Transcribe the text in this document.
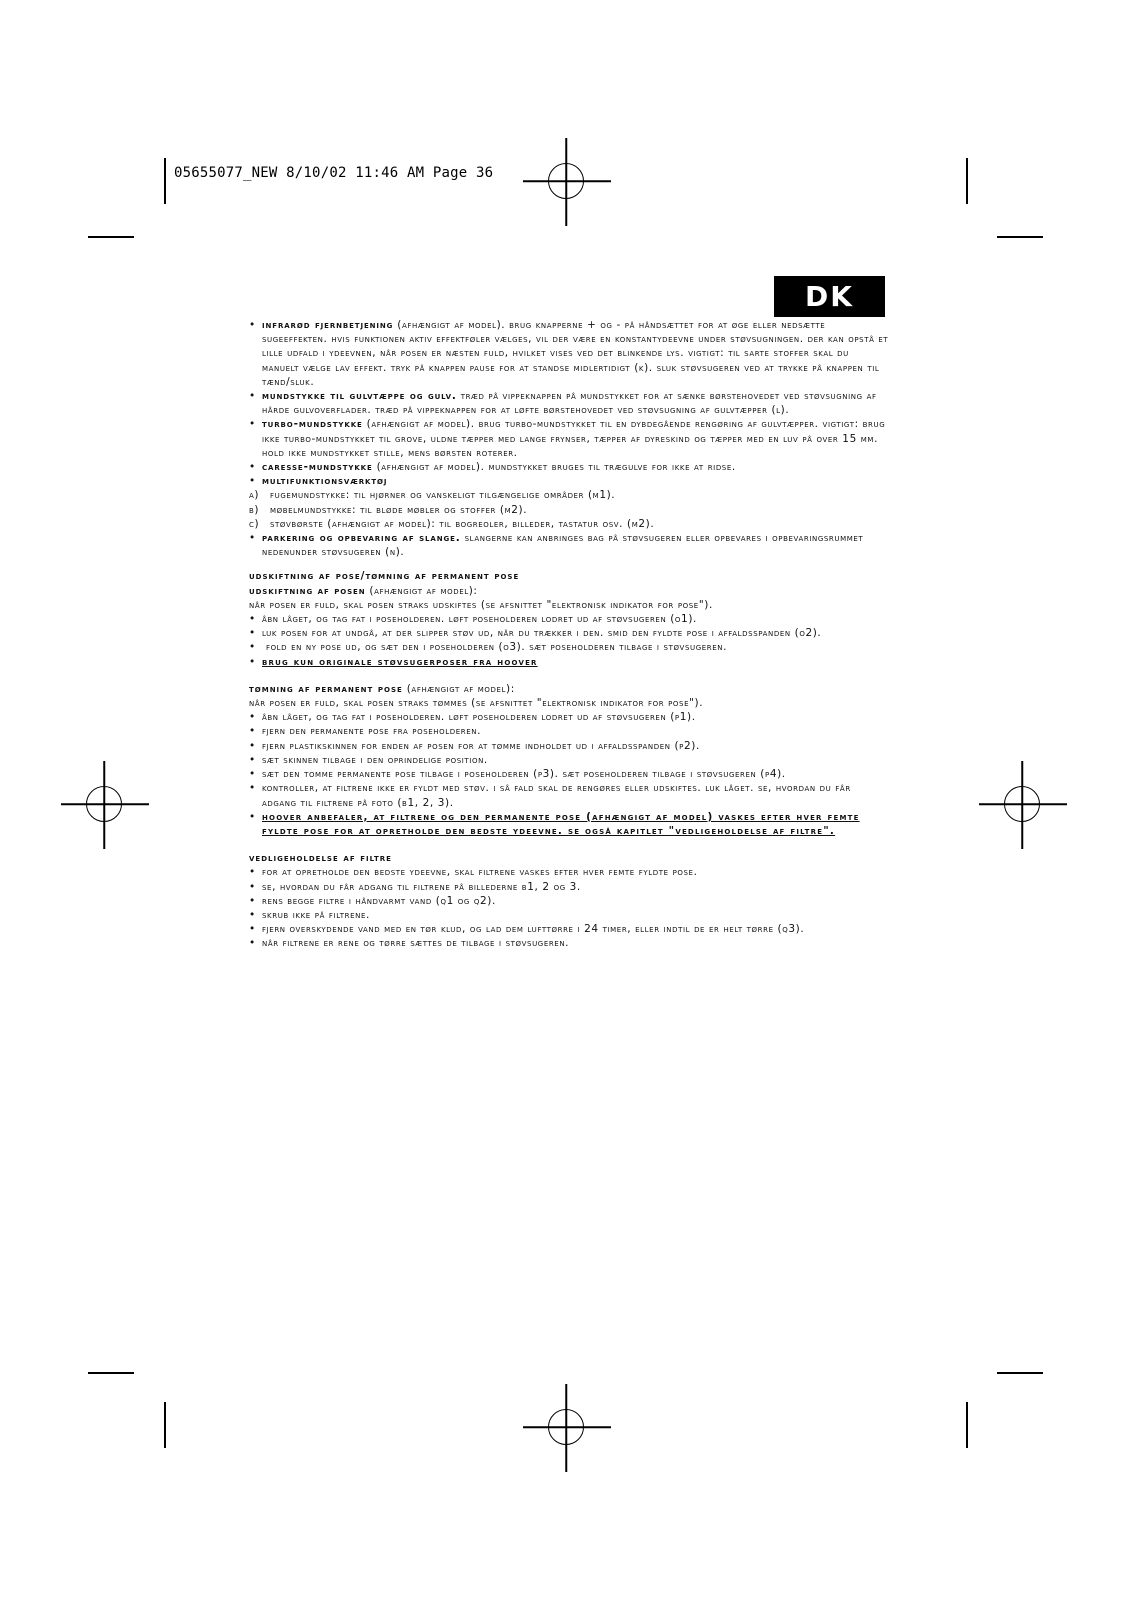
05655077_NEW 8/10/02 11:46 AM Page 36
DK

• infrarød fjernbetjening (afhængigt af model). brug knapperne + og - på håndsættet for at øge eller nedsætte sugeeffekten. hvis funktionen aktiv effektføler vælges, vil der være en konstantydeevne under støvsugningen. der kan opstå et lille udfald i ydeevnen, når posen er næsten fuld, hvilket vises ved det blinkende lys. vigtigt: til sarte stoffer skal du manuelt vælge lav effekt. tryk på knappen pause for at standse midlertidigt (k). sluk støvsugeren ved at trykke på knappen til tænd/sluk.

• mundstykke til gulvtæppe og gulv. træd på vippeknappen på mundstykket for at sænke børstehovedet ved støvsugning af hårde gulvoverflader. træd på vippeknappen for at løfte børstehovedet ved støvsugning af gulvtæpper (l).

• turbo-mundstykke (afhængigt af model). brug turbo-mundstykket til en dybdegående rengøring af gulvtæpper. vigtigt: brug ikke turbo-mundstykket til grove, uldne tæpper med lange frynser, tæpper af dyreskind og tæpper med en luv på over 15 mm. hold ikke mundstykket stille, mens børsten roterer.

• caresse-mundstykke (afhængigt af model). mundstykket bruges til trægulve for ikke at ridse.

• multifunktionsværktøj

a) fugemundstykke: til hjørner og vanskeligt tilgængelige områder (m1).

b) møbelmundstykke: til bløde møbler og stoffer (m2).

c) støvbørste (afhængigt af model): til bogreoler, billeder, tastatur osv. (m2).

• parkering og opbevaring af slange. slangerne kan anbringes bag på støvsugeren eller opbevares i opbevaringsrummet nedenunder støvsugeren (n).

udskiftning af pose/tømning af permanent pose

udskiftning af posen (afhængigt af model):

når posen er fuld, skal posen straks udskiftes (se afsnittet "elektronisk indikator for pose").

• åbn låget, og tag fat i poseholderen. løft poseholderen lodret ud af støvsugeren (o1).

• luk posen for at undgå, at der slipper støv ud, når du trækker i den. smid den fyldte pose i affaldsspanden (o2).

• fold en ny pose ud, og sæt den i poseholderen (o3). sæt poseholderen tilbage i støvsugeren.

• brug kun originale støvsugerposer fra hoover

tømning af permanent pose (afhængigt af model):

når posen er fuld, skal posen straks tømmes (se afsnittet "elektronisk indikator for pose").

• åbn låget, og tag fat i poseholderen. løft poseholderen lodret ud af støvsugeren (p1).

• fjern den permanente pose fra poseholderen.

• fjern plastikskinnen for enden af posen for at tømme indholdet ud i affaldsspanden (p2).

• sæt skinnen tilbage i den oprindelige position.

• sæt den tomme permanente pose tilbage i poseholderen (p3). sæt poseholderen tilbage i støvsugeren (p4).

• kontroller, at filtrene ikke er fyldt med støv. i så fald skal de rengøres eller udskiftes. luk låget. se, hvordan du får adgang til filtrene på foto (b1, 2, 3).

• hoover anbefaler, at filtrene og den permanente pose (afhængigt af model) vaskes efter hver femte fyldte pose for at opretholde den bedste ydeevne. se også kapitlet "vedligeholdelse af filtre".

vedligeholdelse af filtre

• for at opretholde den bedste ydeevne, skal filtrene vaskes efter hver femte fyldte pose.

• se, hvordan du får adgang til filtrene på billederne b1, 2 og 3.

• rens begge filtre i håndvarmt vand (q1 og q2).

• skrub ikke på filtrene.

• fjern overskydende vand med en tør klud, og lad dem lufttørre i 24 timer, eller indtil de er helt tørre (q3).

• når filtrene er rene og tørre sættes de tilbage i støvsugeren.
